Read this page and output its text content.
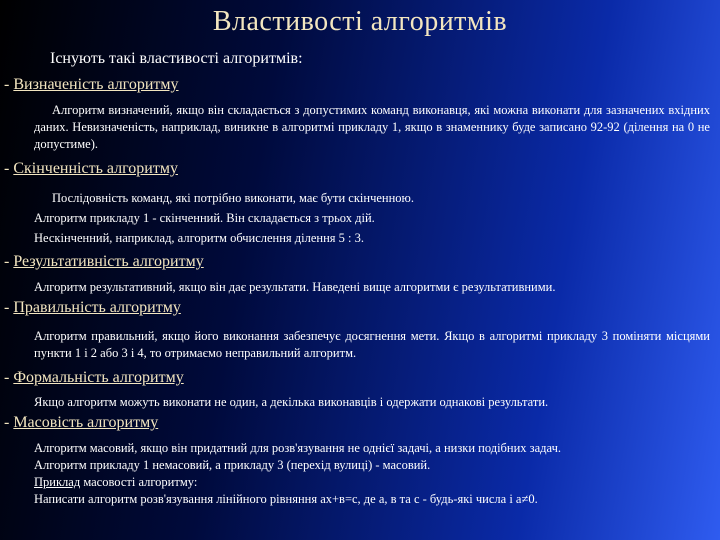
Властивості алгоритмів
Існують такі властивості алгоритмів:
- Визначеність алгоритму
Алгоритм визначений, якщо він складається з допустимих команд виконавця, які можна виконати для зазначених вхідних даних. Невизначеність, наприклад, виникне в алгоритмі прикладу 1, якщо в знаменнику буде записано 92-92 (ділення на 0 не допустиме).
- Скінченність алгоритму
Послідовність команд, які потрібно виконати, має бути скінченною.
Алгоритм прикладу 1 - скінченний. Він складається з трьох дій.
Нескінченний, наприклад, алгоритм обчислення ділення 5 : 3.
- Результативність алгоритму
Алгоритм результативний, якщо він дає результати. Наведені вище алгоритми є результативними.
- Правильність алгоритму
Алгоритм правильний, якщо його виконання забезпечує досягнення мети. Якщо в алгоритмі прикладу 3 поміняти місцями пункти 1 і 2 або 3 і 4, то отримаємо неправильний алгоритм.
- Формальність алгоритму
Якщо алгоритм можуть виконати не один, а декілька виконавців і одержати однакові результати.
- Масовість алгоритму
Алгоритм масовий, якщо він придатний для розв'язування не однієї задачі, а низки подібних задач.
Алгоритм прикладу 1 немасовий, а прикладу 3 (перехід вулиці) - масовий.
Приклад масовості алгоритму:
Написати алгоритм розв'язування лінійного рівняння ax+в=с, де а, в та с - будь-які числа і а≠0.
